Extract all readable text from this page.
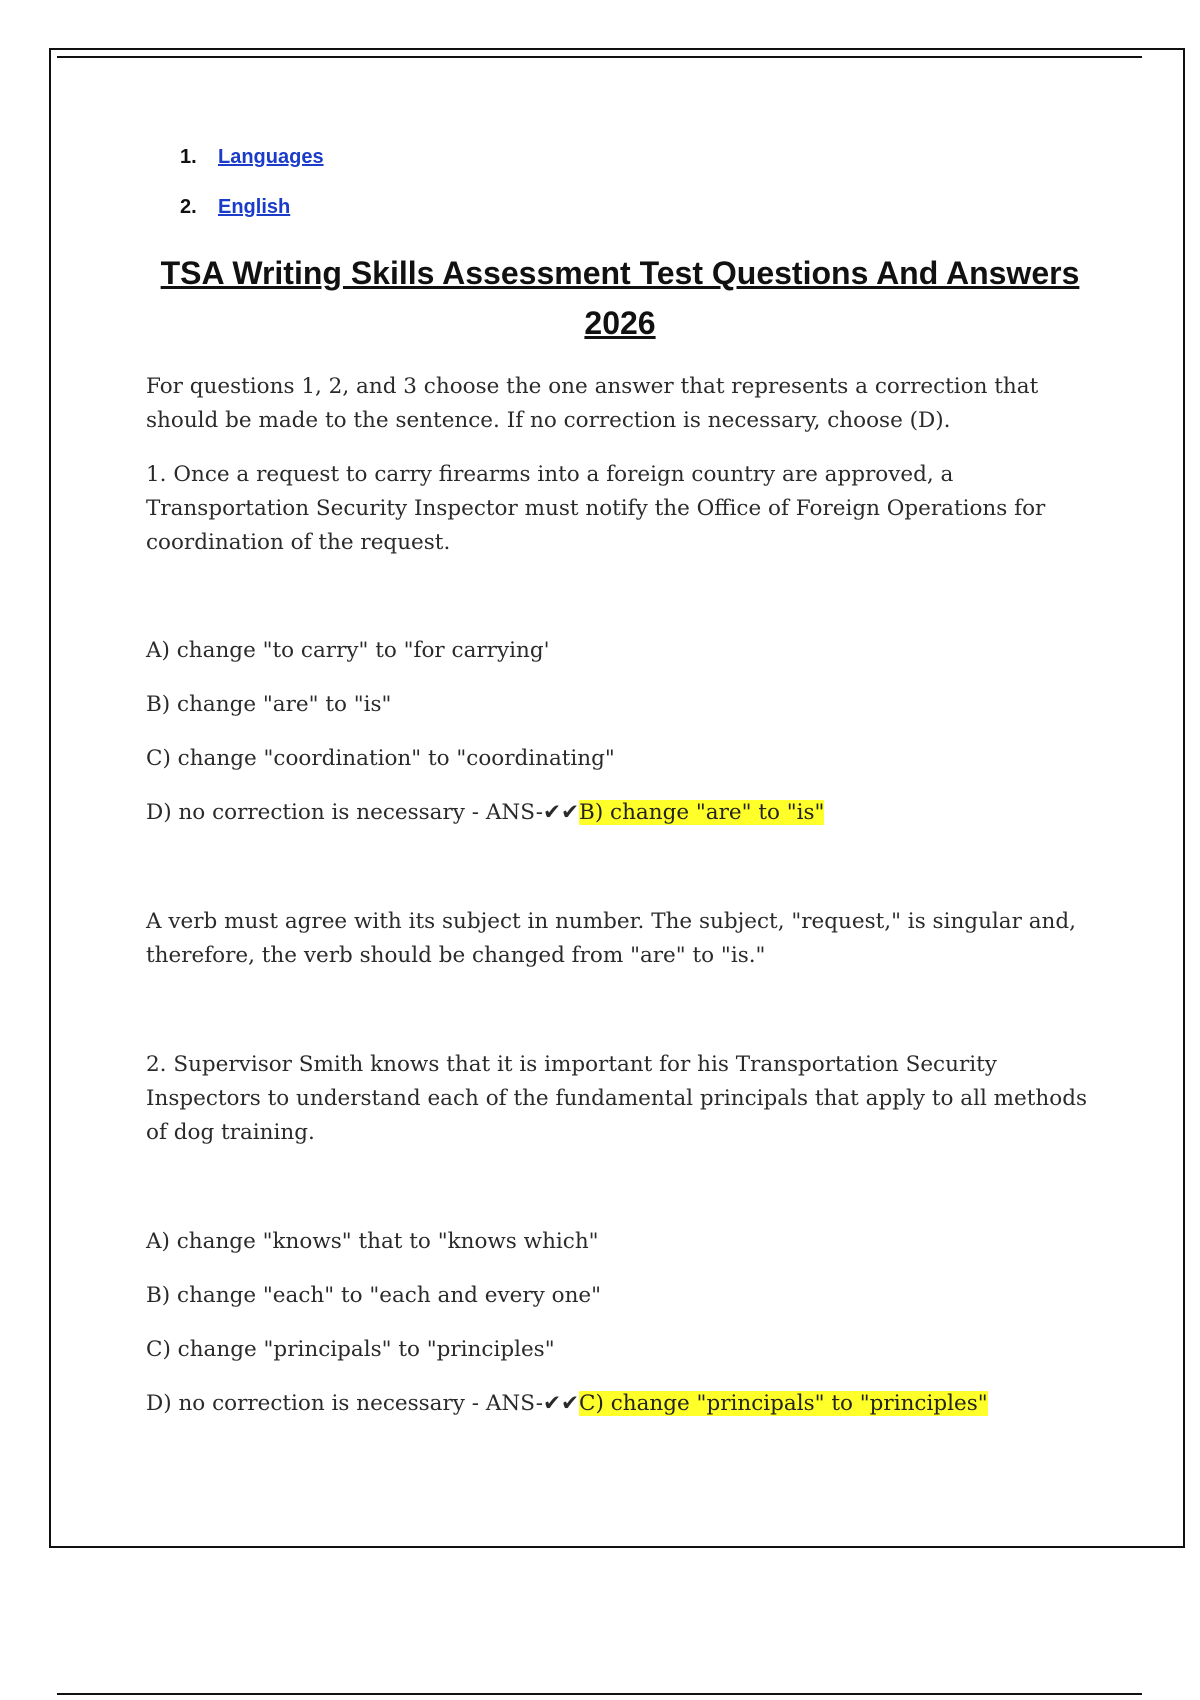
1.	Languages
2.	English
TSA Writing Skills Assessment Test Questions And Answers
2026

For questions 1, 2, and 3 choose the one answer that represents a correction that should be made to the sentence. If no correction is necessary, choose (D).

1. Once a request to carry firearms into a foreign country are approved, a Transportation Security Inspector must notify the Office of Foreign Operations for coordination of the request.

A) change "to carry" to "for carrying'

B) change "are" to "is"

C) change "coordination" to "coordinating"

D) no correction is necessary - ANS-✔✔B) change "are" to "is"

A verb must agree with its subject in number. The subject, "request," is singular and, therefore, the verb should be changed from "are" to "is."

2. Supervisor Smith knows that it is important for his Transportation Security Inspectors to understand each of the fundamental principals that apply to all methods of dog training.

A) change "knows" that to "knows which"

B) change "each" to "each and every one"

C) change "principals" to "principles"

D) no correction is necessary - ANS-✔✔C) change "principals" to "principles"
